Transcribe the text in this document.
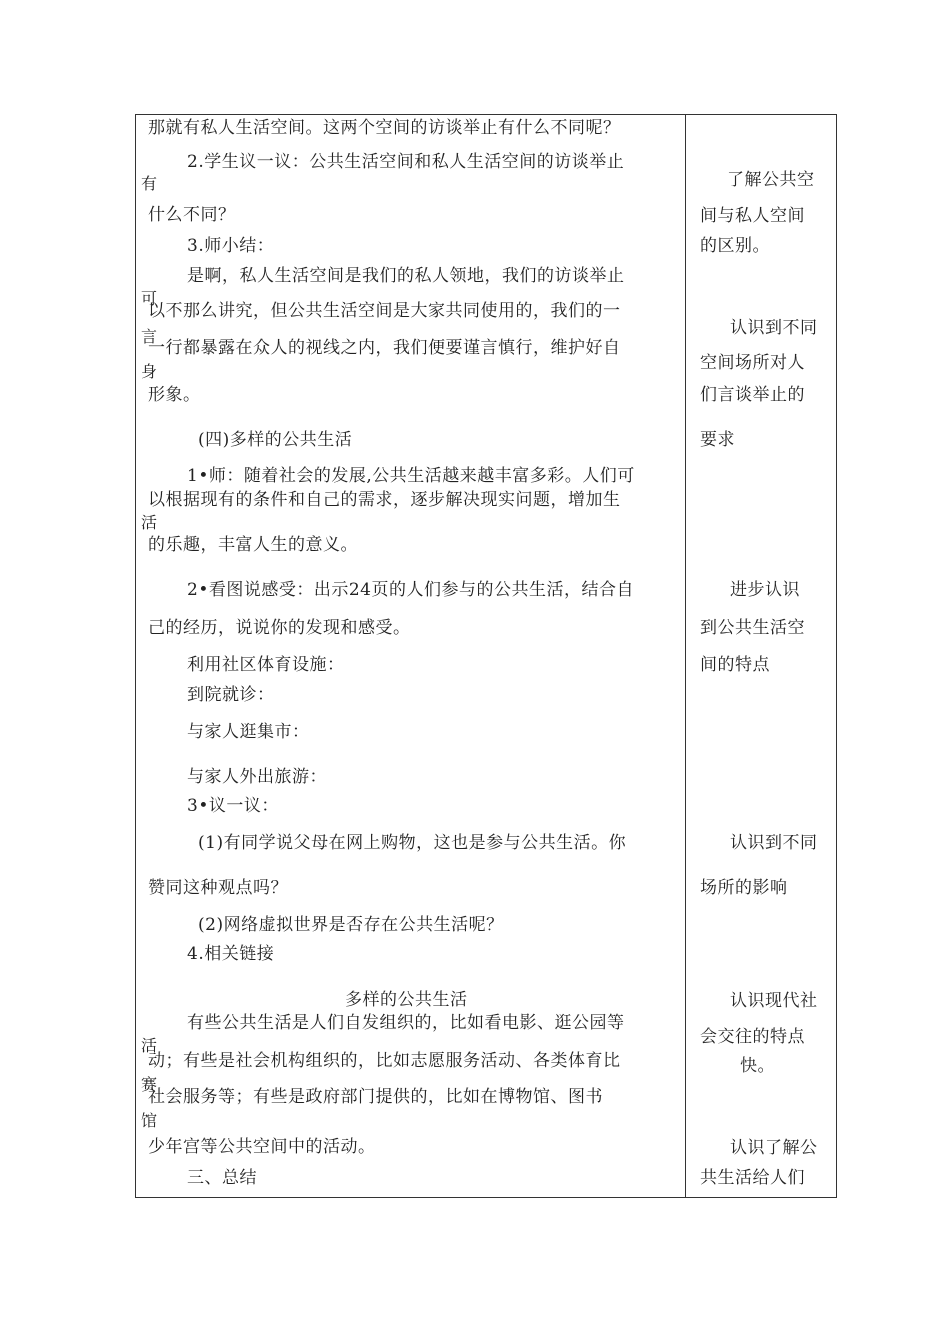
那就有私人生活空间。这两个空间的访谈举止有什么不同呢？
2.学生议一议：公共生活空间和私人生活空间的访谈举止
什么不同？
3.师小结：
是啊，私人生活空间是我们的私人领地，我们的访谈举止
以不那么讲究，但公共生活空间是大家共同使用的，我们的一
一行都暴露在众人的视线之内，我们便要谨言慎行，维护好自
形象。
(四)多样的公共生活
1•师：随着社会的发展,公共生活越来越丰富多彩。人们可
以根据现有的条件和自己的需求，逐步解决现实问题，增加生
的乐趣，丰富人生的意义。
2•看图说感受：出示24页的人们参与的公共生活，结合自
己的经历，说说你的发现和感受。
利用社区体育设施：
到院就诊：
与家人逛集市：
与家人外出旅游：
3•议一议：
(1)有同学说父母在网上购物，这也是参与公共生活。你
赞同这种观点吗？
(2)网络虚拟世界是否存在公共生活呢？
4.相关链接
多样的公共生活
有些公共生活是人们自发组织的，比如看电影、逛公园等
动；有些是社会机构组织的，比如志愿服务活动、各类体育比
社会服务等；有些是政府部门提供的，比如在博物馆、图书
少年宫等公共空间中的活动。
三、总结
有
可
言
身
活
活
赛
馆
了解公共空
间与私人空间
的区别。
认识到不同
空间场所对人
们言谈举止的
要求
进步认识
到公共生活空
间的特点
认识到不同
场所的影响
认识现代社
会交往的特点
快。
认识了解公
共生活给人们
